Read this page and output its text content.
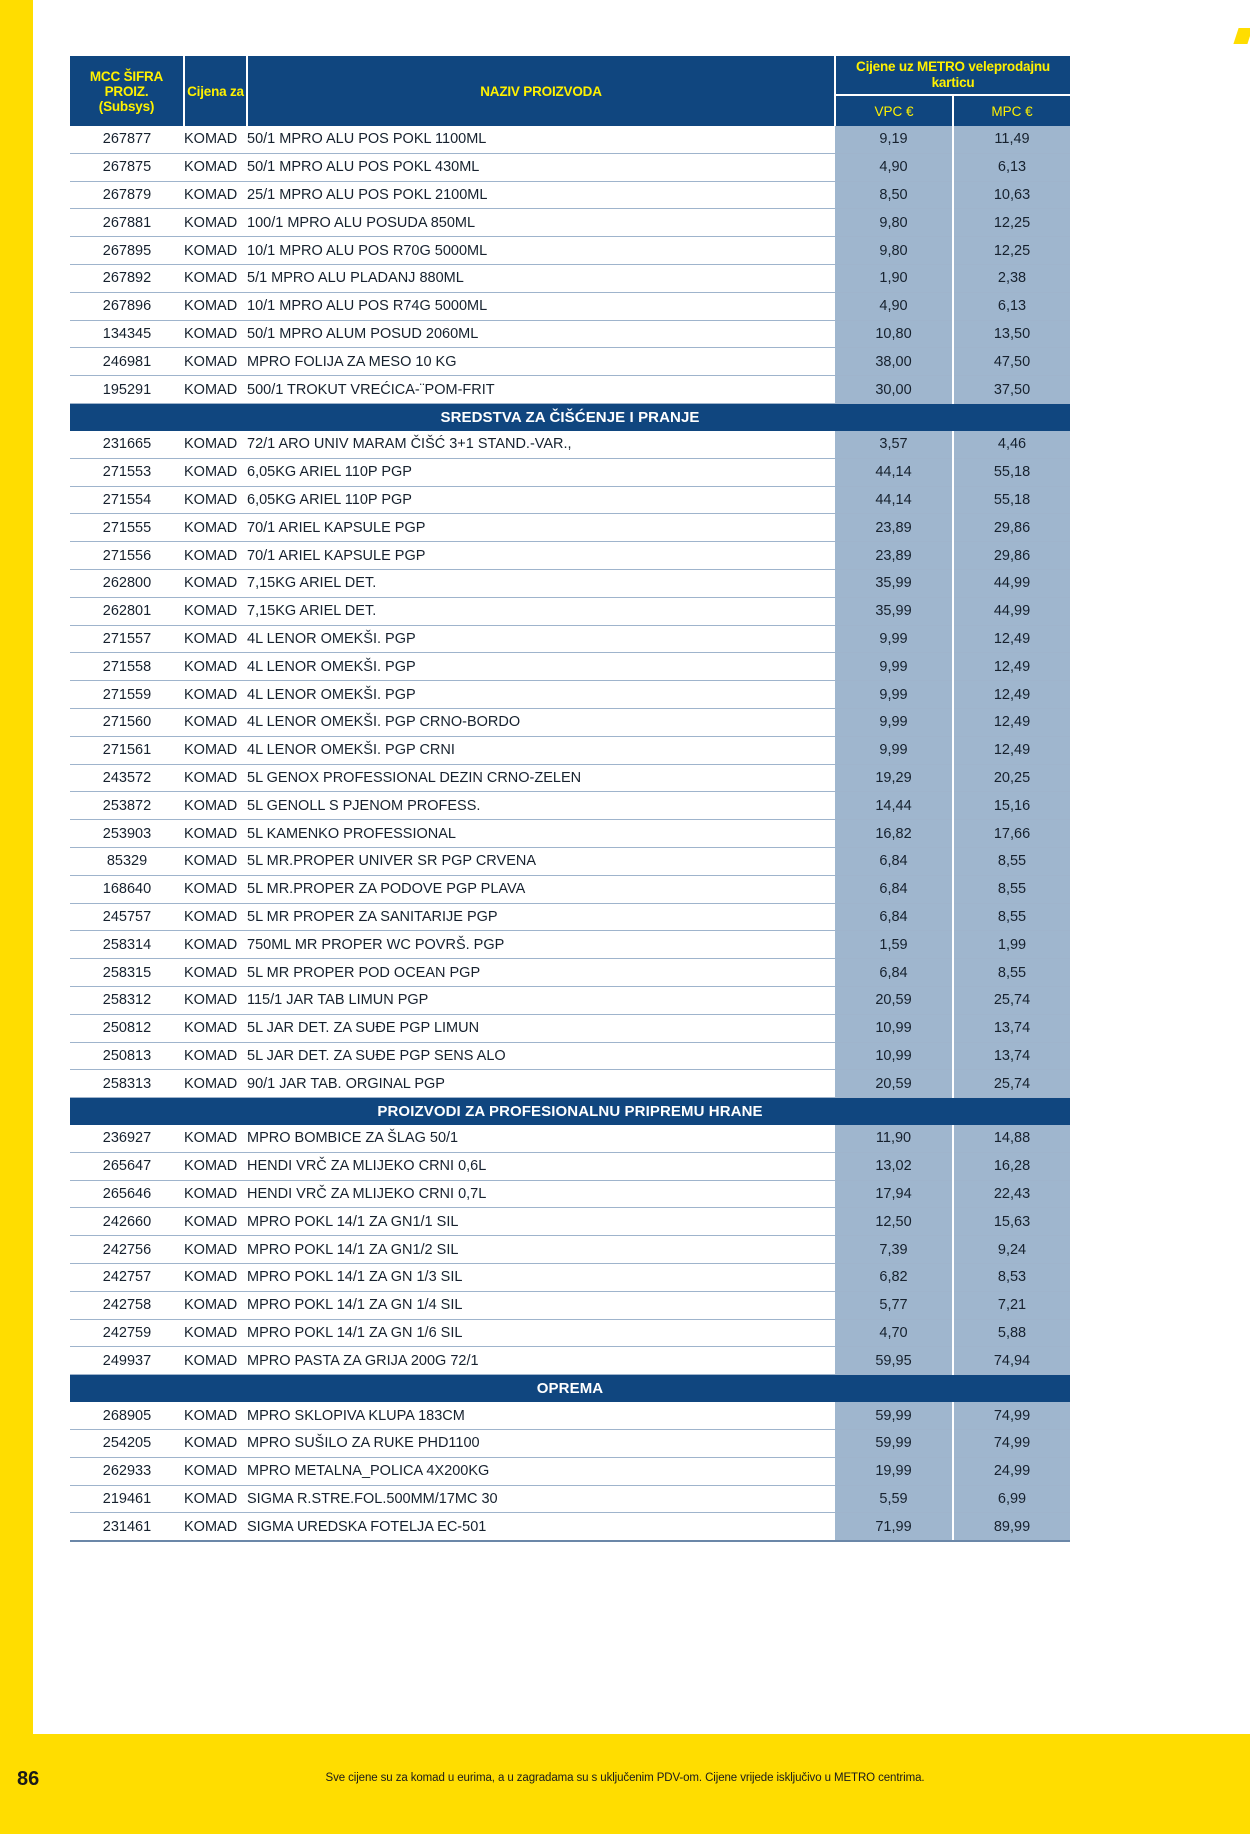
MCC ŠIFRA PROIZ.
(Subsys)	Cijena za	NAZIV PROIZVODA	Cijene uz METRO veleprodajnu karticu	
			VPC €	MPC €
267877	KOMAD	50/1 MPRO ALU POS POKL 1100ML	9,19	11,49
267875	KOMAD	50/1 MPRO ALU POS POKL 430ML	4,90	6,13
267879	KOMAD	25/1 MPRO ALU POS POKL 2100ML	8,50	10,63
267881	KOMAD	100/1 MPRO ALU POSUDA 850ML	9,80	12,25
267895	KOMAD	10/1 MPRO ALU POS R70G 5000ML	9,80	12,25
267892	KOMAD	5/1 MPRO ALU PLADANJ 880ML	1,90	2,38
267896	KOMAD	10/1 MPRO ALU POS R74G 5000ML	4,90	6,13
134345	KOMAD	50/1 MPRO ALUM POSUD 2060ML	10,80	13,50
246981	KOMAD	MPRO FOLIJA ZA MESO 10 KG	38,00	47,50
195291	KOMAD	500/1 TROKUT VREĆICA-¨POM-FRIT	30,00	37,50
SREDSTVA ZA ČIŠĆENJE I PRANJE				
231665	KOMAD	72/1 ARO UNIV MARAM ČIŠĆ 3+1 STAND.-VAR.,	3,57	4,46
271553	KOMAD	6,05KG ARIEL 110P PGP	44,14	55,18
271554	KOMAD	6,05KG ARIEL 110P PGP	44,14	55,18
271555	KOMAD	70/1 ARIEL KAPSULE PGP	23,89	29,86
271556	KOMAD	70/1 ARIEL KAPSULE PGP	23,89	29,86
262800	KOMAD	7,15KG ARIEL DET.	35,99	44,99
262801	KOMAD	7,15KG ARIEL DET.	35,99	44,99
271557	KOMAD	4L LENOR OMEKŠI. PGP	9,99	12,49
271558	KOMAD	4L LENOR OMEKŠI. PGP	9,99	12,49
271559	KOMAD	4L LENOR OMEKŠI. PGP	9,99	12,49
271560	KOMAD	4L LENOR OMEKŠI. PGP CRNO-BORDO	9,99	12,49
271561	KOMAD	4L LENOR OMEKŠI. PGP CRNI	9,99	12,49
243572	KOMAD	5L GENOX PROFESSIONAL DEZIN CRNO-ZELEN	19,29	20,25
253872	KOMAD	5L GENOLL S PJENOM PROFESS.	14,44	15,16
253903	KOMAD	5L KAMENKO PROFESSIONAL	16,82	17,66
85329	KOMAD	5L MR.PROPER UNIVER SR PGP CRVENA	6,84	8,55
168640	KOMAD	5L MR.PROPER ZA PODOVE PGP PLAVA	6,84	8,55
245757	KOMAD	5L MR PROPER ZA SANITARIJE PGP	6,84	8,55
258314	KOMAD	750ML MR PROPER WC POVRŠ. PGP	1,59	1,99
258315	KOMAD	5L MR PROPER POD OCEAN PGP	6,84	8,55
258312	KOMAD	115/1 JAR TAB LIMUN PGP	20,59	25,74
250812	KOMAD	5L JAR DET. ZA SUĐE PGP LIMUN	10,99	13,74
250813	KOMAD	5L JAR DET. ZA SUĐE PGP SENS ALO	10,99	13,74
258313	KOMAD	90/1 JAR TAB. ORGINAL PGP	20,59	25,74
PROIZVODI ZA PROFESIONALNU PRIPREMU HRANE				
236927	KOMAD	MPRO BOMBICE ZA ŠLAG 50/1	11,90	14,88
265647	KOMAD	HENDI VRČ ZA MLIJEKO CRNI 0,6L	13,02	16,28
265646	KOMAD	HENDI VRČ ZA MLIJEKO CRNI 0,7L	17,94	22,43
242660	KOMAD	MPRO POKL 14/1 ZA GN1/1 SIL	12,50	15,63
242756	KOMAD	MPRO POKL 14/1 ZA GN1/2 SIL	7,39	9,24
242757	KOMAD	MPRO POKL 14/1 ZA GN 1/3 SIL	6,82	8,53
242758	KOMAD	MPRO POKL 14/1 ZA GN 1/4 SIL	5,77	7,21
242759	KOMAD	MPRO POKL 14/1 ZA GN 1/6 SIL	4,70	5,88
249937	KOMAD	MPRO PASTA ZA GRIJA 200G 72/1	59,95	74,94
OPREMA				
268905	KOMAD	MPRO SKLOPIVA KLUPA 183CM	59,99	74,99
254205	KOMAD	MPRO SUŠILO ZA RUKE PHD1100	59,99	74,99
262933	KOMAD	MPRO METALNA_POLICA 4X200KG	19,99	24,99
219461	KOMAD	SIGMA R.STRE.FOL.500MM/17MC 30	5,59	6,99
231461	KOMAD	SIGMA UREDSKA FOTELJA EC-501	71,99	89,99
86	Sve cijene su za komad u eurima, a u zagradama su s uključenim PDV-om. Cijene vrijede isključivo u METRO centrima.
